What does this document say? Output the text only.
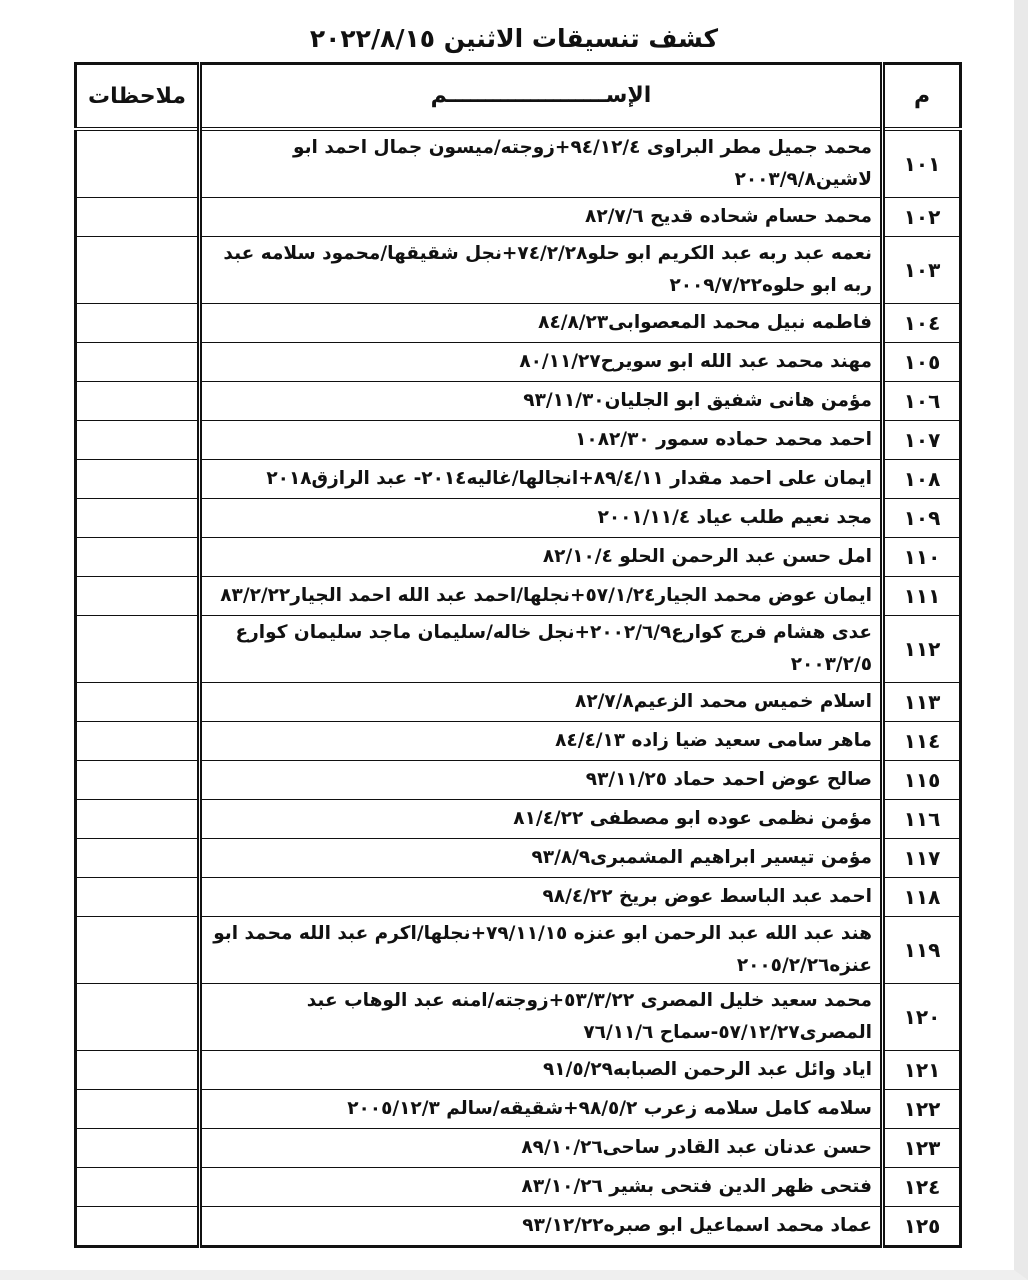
كشف تنسيقات الاثنين ٢٠٢٢/٨/١٥
م	الإســـــــــــــــــــــم	ملاحظات
١٠١	محمد جميل مطر البراوى ٩٤/١٢/٤+زوجته/ميسون جمال احمد ابو لاشين٢٠٠٣/٩/٨	
١٠٢	محمد حسام شحاده قديح ٨٢/٧/٦	
١٠٣	نعمه عبد ربه عبد الكريم ابو حلو٧٤/٢/٢٨+نجل شقيقها/محمود سلامه عبد ربه ابو حلوه٢٠٠٩/٧/٢٢	
١٠٤	فاطمه نبيل محمد المعصوابى٨٤/٨/٢٣	
١٠٥	مهند محمد عبد الله ابو سويرح٨٠/١١/٢٧	
١٠٦	مؤمن هانى شفيق ابو الجليان٩٣/١١/٣٠	
١٠٧	احمد محمد حماده سمور ١٠٨٢/٣٠	
١٠٨	ايمان على احمد مقدار ٨٩/٤/١١+انجالها/غاليه٢٠١٤- عبد الرازق٢٠١٨	
١٠٩	مجد نعيم طلب عياد ٢٠٠١/١١/٤	
١١٠	امل حسن عبد الرحمن الحلو ٨٢/١٠/٤	
١١١	ايمان عوض محمد الجيار٥٧/١/٢٤+نجلها/احمد عبد الله احمد الجيار٨٣/٢/٢٢	
١١٢	عدى هشام فرج كوارع٢٠٠٢/٦/٩+نجل خاله/سليمان ماجد سليمان كوارع ٢٠٠٣/٢/٥	
١١٣	اسلام خميس محمد الزعيم٨٢/٧/٨	
١١٤	ماهر سامى سعيد ضيا زاده ٨٤/٤/١٣	
١١٥	صالح عوض احمد حماد ٩٣/١١/٢٥	
١١٦	مؤمن نظمى عوده ابو مصطفى ٨١/٤/٢٢	
١١٧	مؤمن تيسير ابراهيم المشمبرى٩٣/٨/٩	
١١٨	احمد عبد الباسط عوض بريخ ٩٨/٤/٢٢	
١١٩	هند عبد الله عبد الرحمن ابو عنزه ٧٩/١١/١٥+نجلها/اكرم عبد الله محمد ابو عنزه٢٠٠٥/٢/٢٦	
١٢٠	محمد سعيد خليل المصرى ٥٣/٣/٢٢+زوجته/امنه عبد الوهاب عبد المصرى٥٧/١٢/٢٧-سماح ٧٦/١١/٦	
١٢١	اياد وائل عبد الرحمن الصبابه٩١/٥/٢٩	
١٢٢	سلامه كامل سلامه زعرب ٩٨/٥/٢+شقيقه/سالم ٢٠٠٥/١٢/٣	
١٢٣	حسن عدنان عبد القادر ساحى٨٩/١٠/٢٦	
١٢٤	فتحى ظهر الدين فتحى بشير ٨٣/١٠/٢٦	
١٢٥	عماد محمد اسماعيل ابو صبره٩٣/١٢/٢٢	
